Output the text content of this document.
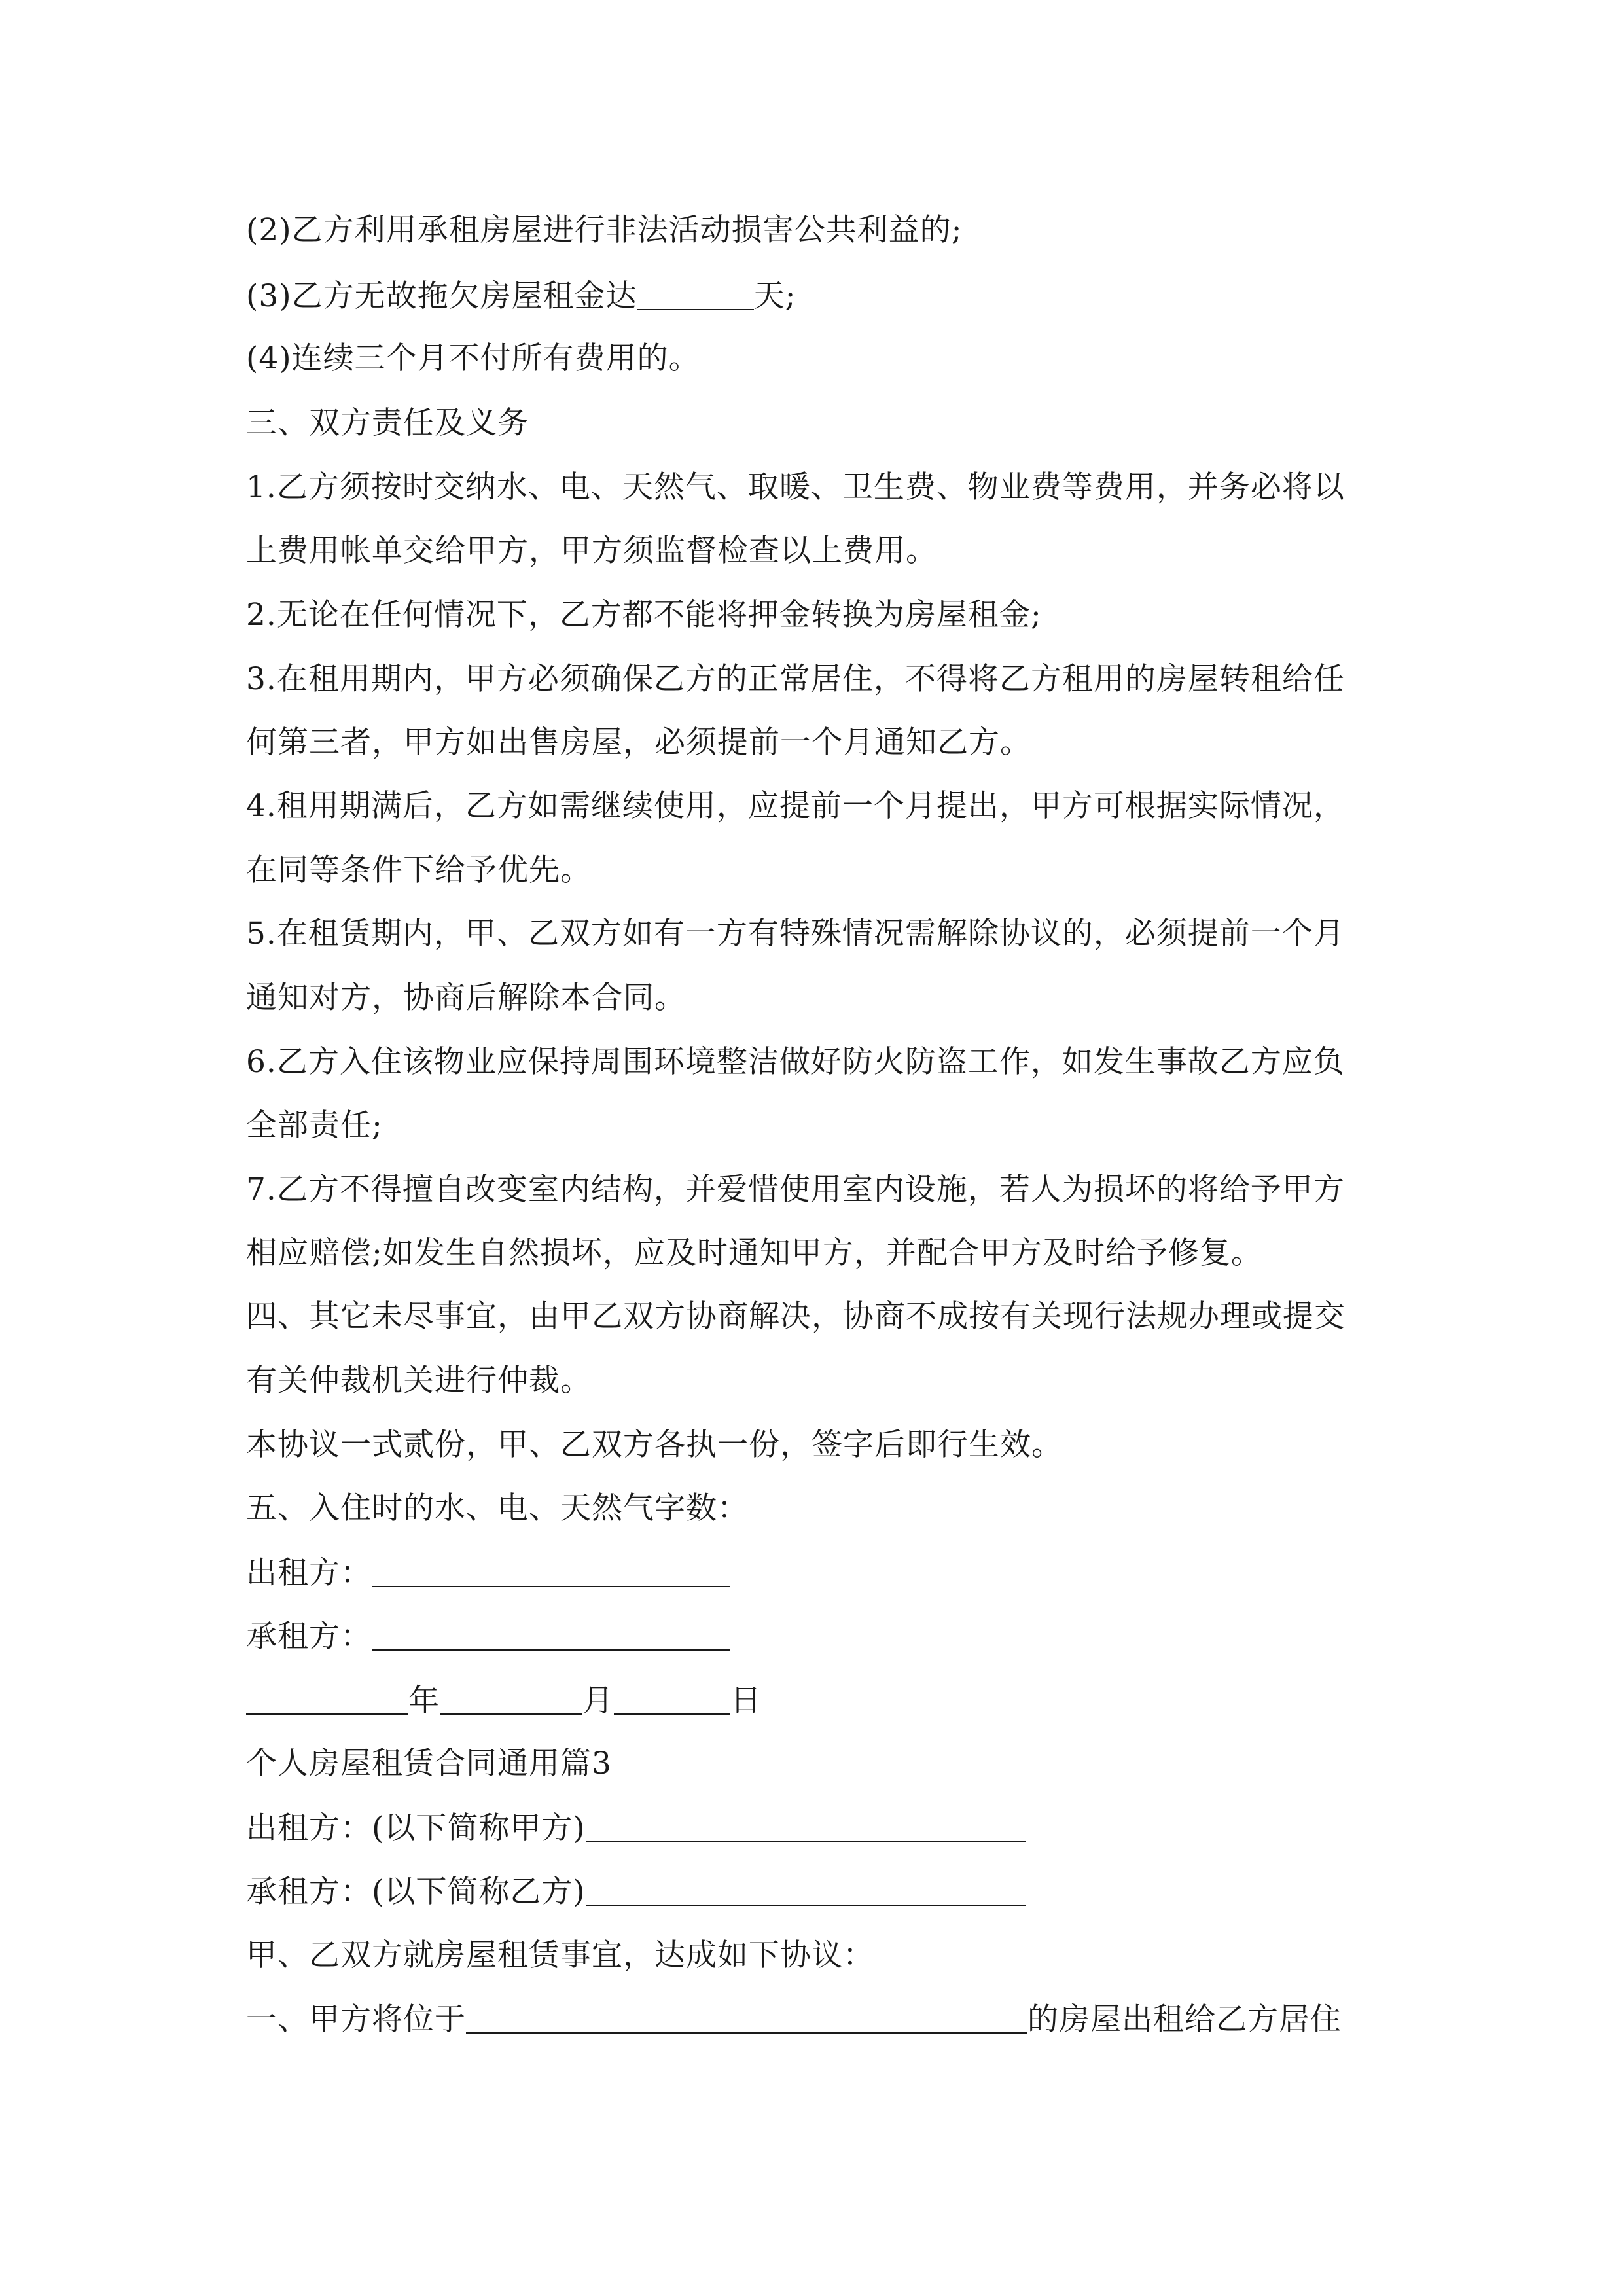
(2)乙方利用承租房屋进行非法活动损害公共利益的;
(3)乙方无故拖欠房屋租金达	天;
(4)连续三个月不付所有费用的。
三、双方责任及义务
1.乙方须按时交纳水、电、天然气、取暖、卫生费、物业费等费用，并务必将以
上费用帐单交给甲方，甲方须监督检查以上费用。
2.无论在任何情况下，乙方都不能将押金转换为房屋租金;
3.在租用期内，甲方必须确保乙方的正常居住，不得将乙方租用的房屋转租给任
何第三者，甲方如出售房屋，必须提前一个月通知乙方。
4.租用期满后，乙方如需继续使用，应提前一个月提出，甲方可根据实际情况，
在同等条件下给予优先。
5.在租赁期内，甲、乙双方如有一方有特殊情况需解除协议的，必须提前一个月
通知对方，协商后解除本合同。
6.乙方入住该物业应保持周围环境整洁做好防火防盗工作，如发生事故乙方应负
全部责任;
7.乙方不得擅自改变室内结构，并爱惜使用室内设施，若人为损坏的将给予甲方
相应赔偿;如发生自然损坏，应及时通知甲方，并配合甲方及时给予修复。
四、其它未尽事宜，由甲乙双方协商解决，协商不成按有关现行法规办理或提交
有关仲裁机关进行仲裁。
本协议一式贰份，甲、乙双方各执一份，签字后即行生效。
五、入住时的水、电、天然气字数：
出租方：
承租方：
年	月	日
个人房屋租赁合同通用篇3
出租方：(以下简称甲方)
承租方：(以下简称乙方)
甲、乙双方就房屋租赁事宜，达成如下协议：
一、甲方将位于	的房屋出租给乙方居住
